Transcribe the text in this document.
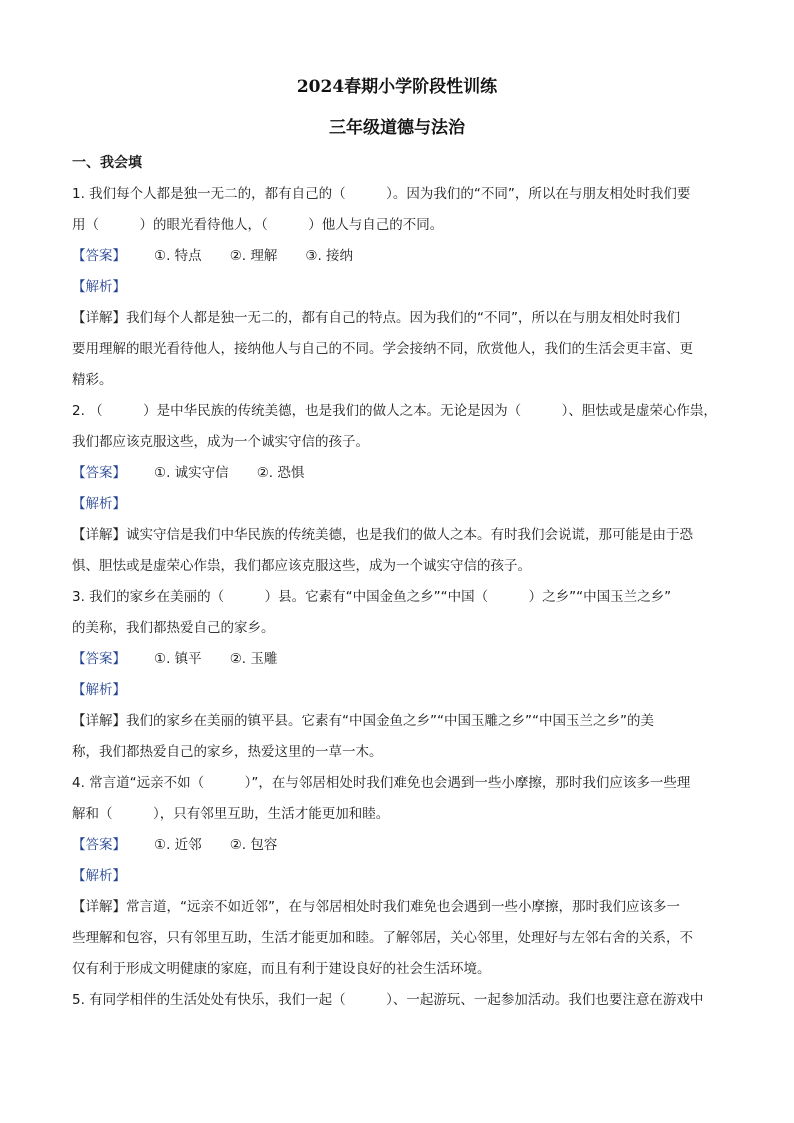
2024春期小学阶段性训练
三年级道德与法治

一、我会填

1. 我们每个人都是独一无二的，都有自己的（　　　）。因为我们的“不同”，所以在与朋友相处时我们要

用（　　　）的眼光看待他人，（　　　）他人与自己的不同。

【答案】 ①. 特点 ②. 理解 ③. 接纳

【解析】

【详解】我们每个人都是独一无二的，都有自己的特点。因为我们的“不同”，所以在与朋友相处时我们

要用理解的眼光看待他人，接纳他人与自己的不同。学会接纳不同，欣赏他人，我们的生活会更丰富、更

精彩。

2. （　　　）是中华民族的传统美德，也是我们的做人之本。无论是因为（　　　）、胆怯或是虚荣心作祟，

我们都应该克服这些，成为一个诚实守信的孩子。

【答案】 ①. 诚实守信 ②. 恐惧

【解析】

【详解】诚实守信是我们中华民族的传统美德，也是我们的做人之本。有时我们会说谎，那可能是由于恐

惧、胆怯或是虚荣心作祟，我们都应该克服这些，成为一个诚实守信的孩子。

3. 我们的家乡在美丽的（　　　）县。它素有“中国金鱼之乡”“中国（　　　）之乡”“中国玉兰之乡”

的美称，我们都热爱自己的家乡。

【答案】 ①. 镇平 ②. 玉雕

【解析】

【详解】我们的家乡在美丽的镇平县。它素有“中国金鱼之乡”“中国玉雕之乡”“中国玉兰之乡”的美

称，我们都热爱自己的家乡，热爱这里的一草一木。

4. 常言道“远亲不如（　　　）”，在与邻居相处时我们难免也会遇到一些小摩擦，那时我们应该多一些理

解和（　　　），只有邻里互助，生活才能更加和睦。

【答案】 ①. 近邻 ②. 包容

【解析】

【详解】常言道，“远亲不如近邻”，在与邻居相处时我们难免也会遇到一些小摩擦，那时我们应该多一

些理解和包容，只有邻里互助，生活才能更加和睦。了解邻居，关心邻里，处理好与左邻右舍的关系，不

仅有利于形成文明健康的家庭，而且有利于建设良好的社会生活环境。

5. 有同学相伴的生活处处有快乐，我们一起（　　　）、一起游玩、一起参加活动。我们也要注意在游戏中
